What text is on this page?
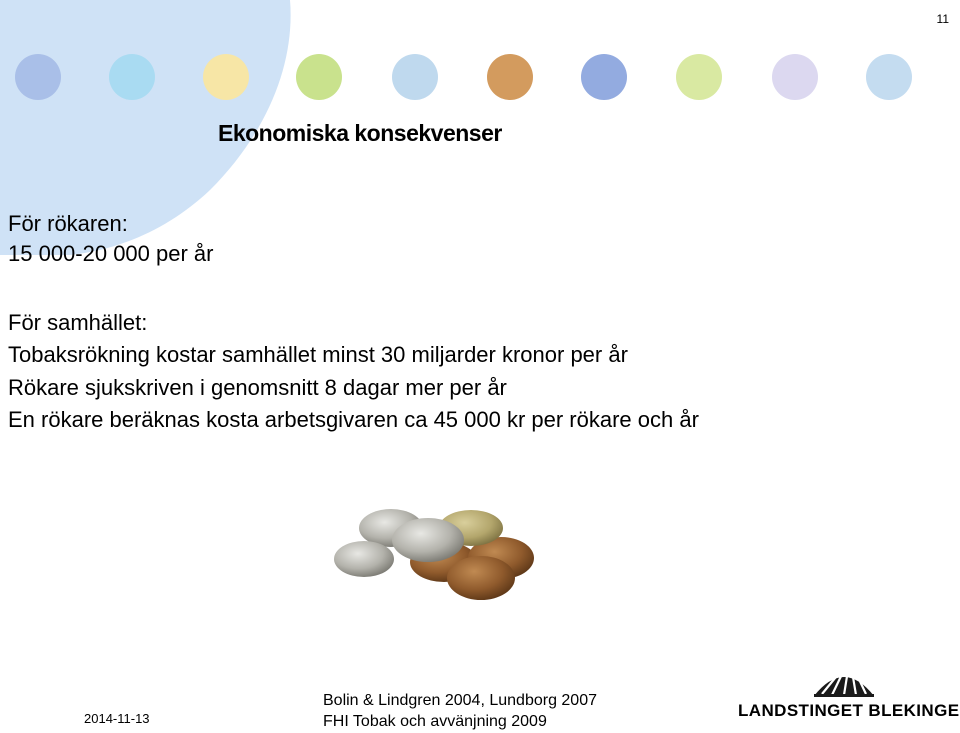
11
Ekonomiska konsekvenser
För rökaren:
15 000-20 000 per år
För samhället:
Tobaksrökning kostar samhället minst 30 miljarder kronor per år
Rökare sjukskriven i genomsnitt 8 dagar mer per år
En rökare beräknas kosta arbetsgivaren ca 45 000 kr per rökare och år
2014-11-13
Bolin & Lindgren 2004, Lundborg 2007
FHI Tobak och avvänjning 2009
LANDSTINGET BLEKINGE
